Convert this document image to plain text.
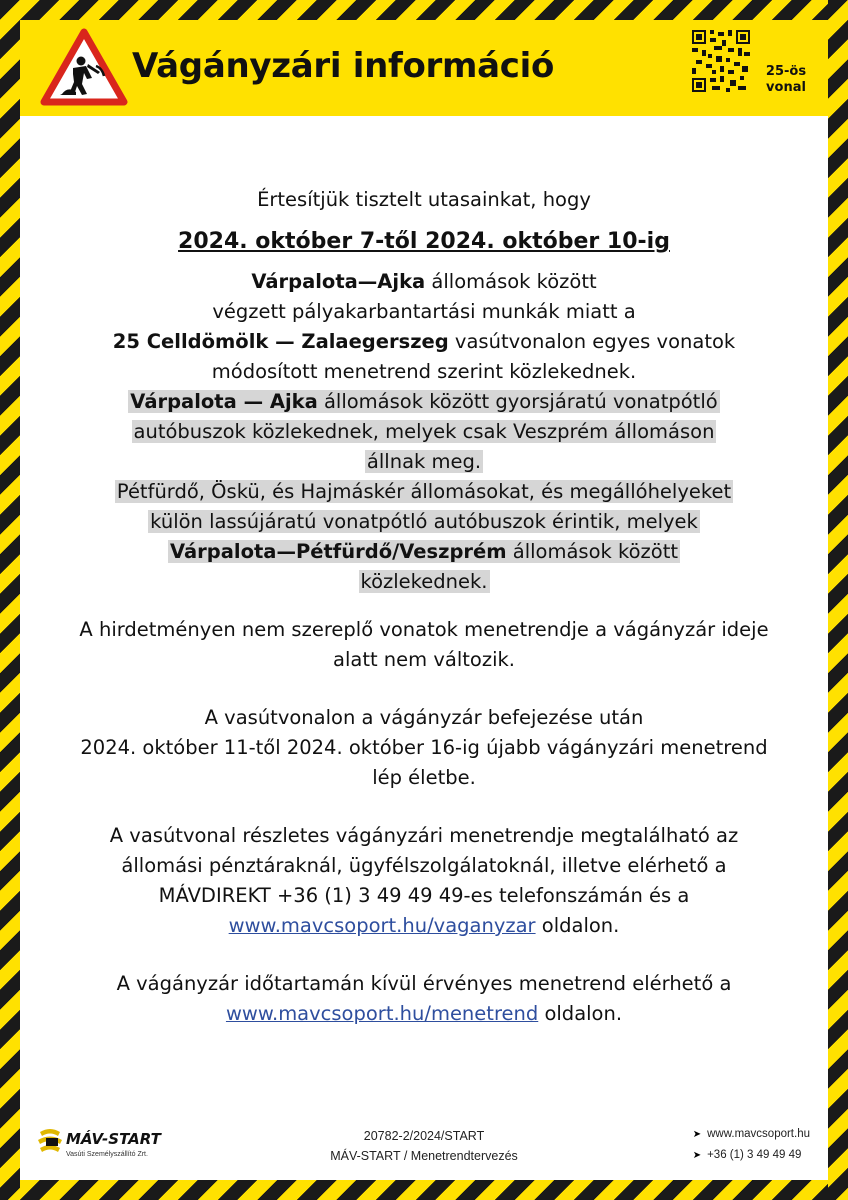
Vágányzári információ	25-ös
vonal

Értesítjük tisztelt utasainkat, hogy

2024. október 7-től 2024. október 10-ig

Várpalota—Ajka állomások között
végzett pályakarbantartási munkák miatt a
25 Celldömölk — Zalaegerszeg vasútvonalon egyes vonatok
módosított menetrend szerint közlekednek.

Várpalota — Ajka állomások között gyorsjáratú vonatpótló
autóbuszok közlekednek, melyek csak Veszprém állomáson
állnak meg.

Pétfürdő, Öskü, és Hajmáskér állomásokat, és megállóhelyeket
külön lassújáratú vonatpótló autóbuszok érintik, melyek
Várpalota—Pétfürdő/Veszprém állomások között
közlekednek.

A hirdetményen nem szereplő vonatok menetrendje a vágányzár ideje
alatt nem változik.

A vasútvonalon a vágányzár befejezése után
2024. október 11-től 2024. október 16-ig újabb vágányzári menetrend
lép életbe.

A vasútvonal részletes vágányzári menetrendje megtalálható az
állomási pénztáraknál, ügyfélszolgálatoknál, illetve elérhető a
MÁVDIREKT +36 (1) 3 49 49 49-es telefonszámán és a
www.mavcsoport.hu/vaganyzar oldalon.

A vágányzár időtartamán kívül érvényes menetrend elérhető a
www.mavcsoport.hu/menetrend oldalon.

MÁV-START
Vasúti Személyszállító Zrt.
20782-2/2024/START
MÁV-START / Menetrendtervezés
➤ www.mavcsoport.hu
➤ +36 (1) 3 49 49 49
